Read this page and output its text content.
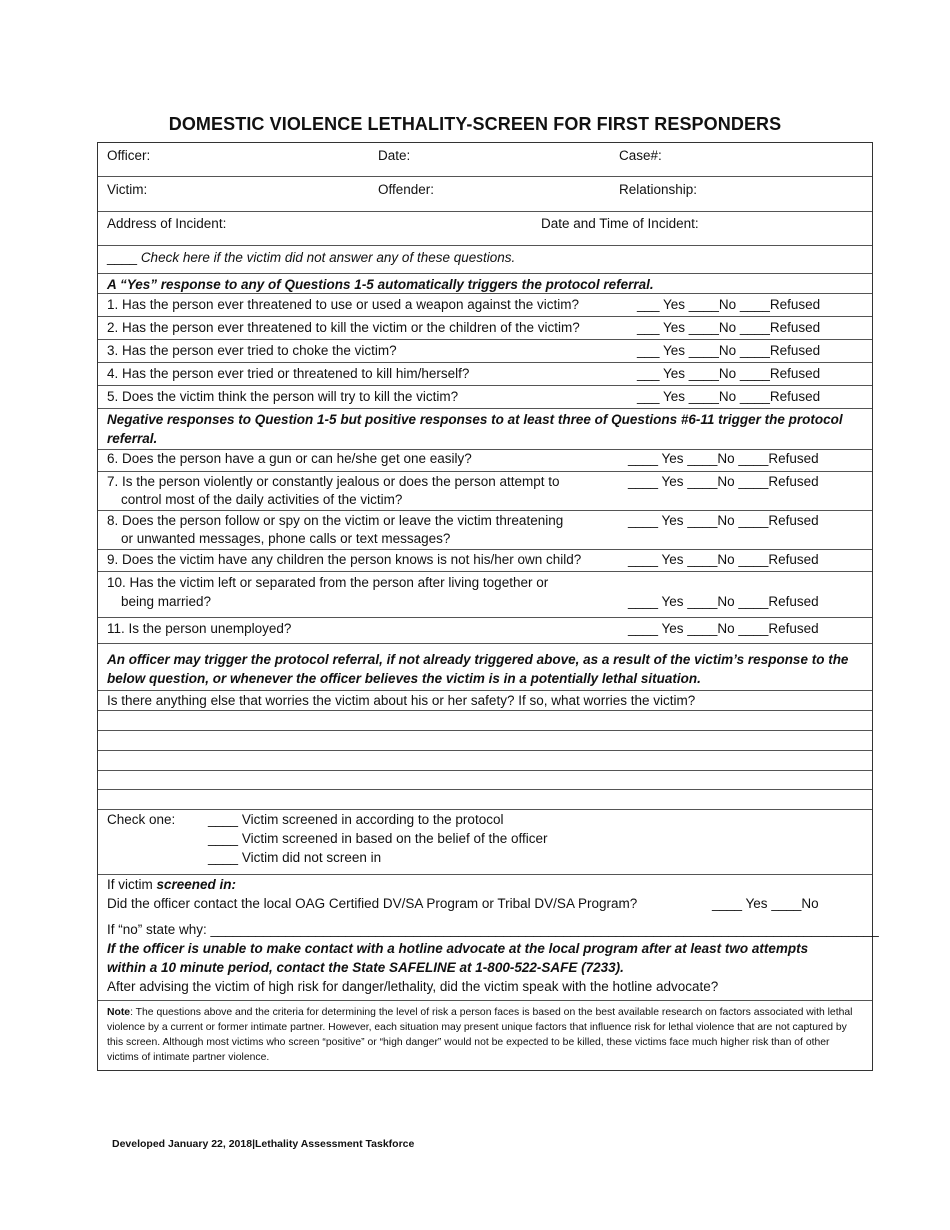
DOMESTIC VIOLENCE LETHALITY-SCREEN FOR FIRST RESPONDERS
Officer:	Date:	Case#:
Victim:	Offender:	Relationship:
Address of Incident:	Date and Time of Incident:
____ Check here if the victim did not answer any of these questions.
A “Yes” response to any of Questions 1-5 automatically triggers the protocol referral.
1. Has the person ever threatened to use or used a weapon against the victim?	___ Yes ____No ____Refused
2. Has the person ever threatened to kill the victim or the children of the victim?	___ Yes ____No ____Refused
3. Has the person ever tried to choke the victim?	___ Yes ____No ____Refused
4. Has the person ever tried or threatened to kill him/herself?	___ Yes ____No ____Refused
5. Does the victim think the person will try to kill the victim?	___ Yes ____No ____Refused
Negative responses to Question 1-5 but positive responses to at least three of Questions #6-11 trigger the protocol
referral.
6. Does the person have a gun or can he/she get one easily?	____ Yes ____No ____Refused
7. Is the person violently or constantly jealous or does the person attempt to
control most of the daily activities of the victim?
____ Yes ____No ____Refused
8. Does the person follow or spy on the victim or leave the victim threatening
or unwanted messages, phone calls or text messages?
____ Yes ____No ____Refused
9. Does the victim have any children the person knows is not his/her own child?	____ Yes ____No ____Refused
10. Has the victim left or separated from the person after living together or
being married?	____ Yes ____No ____Refused
11. Is the person unemployed?	____ Yes ____No ____Refused
An officer may trigger the protocol referral, if not already triggered above, as a result of the victim’s response to the
below question, or whenever the officer believes the victim is in a potentially lethal situation.
Is there anything else that worries the victim about his or her safety? If so, what worries the victim?
Check one: ____ Victim screened in according to the protocol
____ Victim screened in based on the belief of the officer
____ Victim did not screen in
If victim screened in:
Did the officer contact the local OAG Certified DV/SA Program or Tribal DV/SA Program?	____ Yes ____No
If “no” state why: _________________________________________________________________________________________
If the officer is unable to make contact with a hotline advocate at the local program after at least two attempts
within a 10 minute period, contact the State SAFELINE at 1-800-522-SAFE (7233).
After advising the victim of high risk for danger/lethality, did the victim speak with the hotline advocate?
Note: The questions above and the criteria for determining the level of risk a person faces is based on the best available research on factors associated with lethal violence by a current or former intimate partner. However, each situation may present unique factors that influence risk for lethal violence that are not captured by this screen. Although most victims who screen “positive” or “high danger” would not be expected to be killed, these victims face much higher risk than of other victims of intimate partner violence.
Developed January 22, 2018|Lethality Assessment Taskforce
